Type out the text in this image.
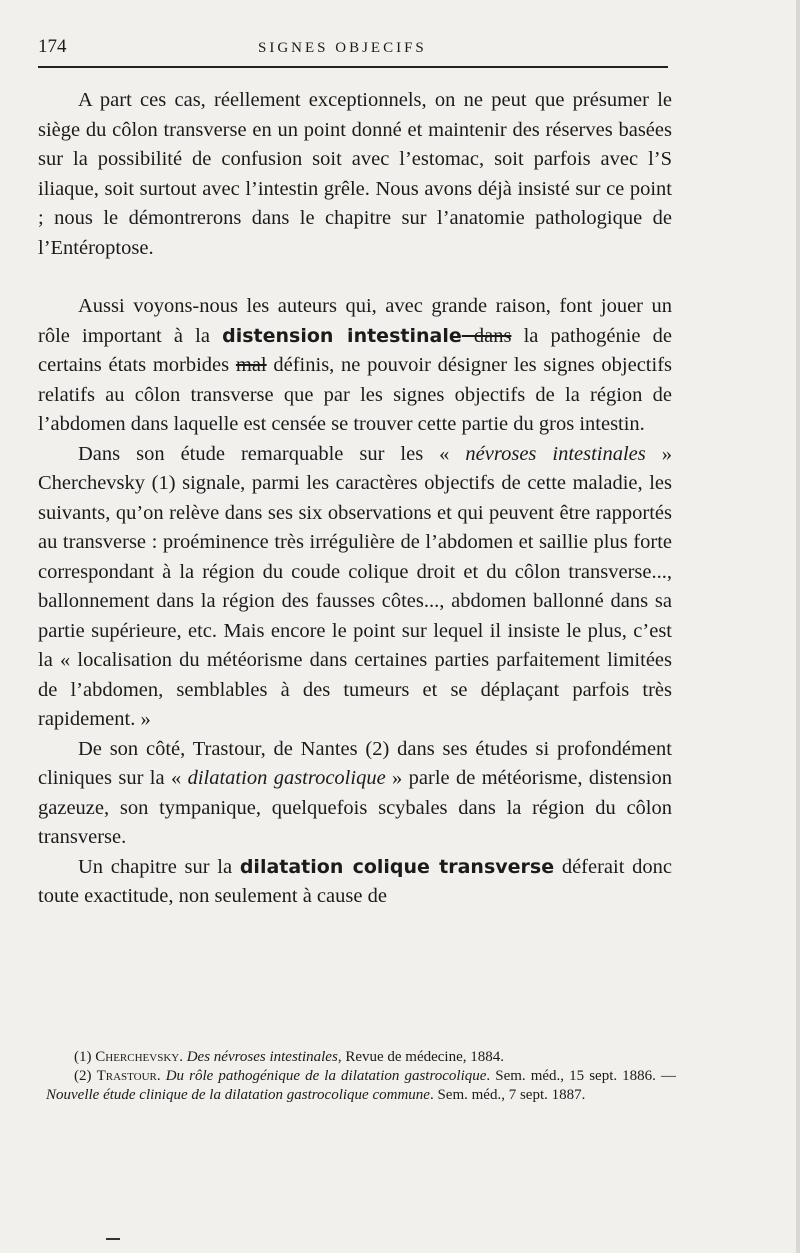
174	SIGNES OBJECIFS

A part ces cas, réellement exceptionnels, on ne peut que présumer le siège du côlon transverse en un point donné et maintenir des réserves basées sur la possibilité de confusion soit avec l’estomac, soit parfois avec l’S iliaque, soit surtout avec l’intestin grêle. Nous avons déjà insisté sur ce point ; nous le démontrerons dans le chapitre sur l’anatomie pathologique de l’Entéroptose.

Aussi voyons-nous les auteurs qui, avec grande raison, font jouer un rôle important à la distension intestinale dans la pathogénie de certains états morbides mal définis, ne pouvoir désigner les signes objectifs relatifs au côlon transverse que par les signes objectifs de la région de l’abdomen dans laquelle est censée se trouver cette partie du gros intestin.

Dans son étude remarquable sur les « névroses intestinales » Cherchevsky (1) signale, parmi les caractères objectifs de cette maladie, les suivants, qu’on relève dans ses six observations et qui peuvent être rapportés au transverse : proéminence très irrégulière de l’abdomen et saillie plus forte correspondant à la région du coude colique droit et du côlon transverse..., ballonnement dans la région des fausses côtes..., abdomen ballonné dans sa partie supérieure, etc. Mais encore le point sur lequel il insiste le plus, c’est la « localisation du météorisme dans certaines parties parfaitement limitées de l’abdomen, semblables à des tumeurs et se déplaçant parfois très rapidement. »

De son côté, Trastour, de Nantes (2) dans ses études si profondément cliniques sur la « dilatation gastrocolique » parle de météorisme, distension gazeuze, son tympanique, quelquefois scybales dans la région du côlon transverse.

Un chapitre sur la dilatation colique transverse déferait donc toute exactitude, non seulement à cause de

(1) Cherchevsky. Des névroses intestinales, Revue de médecine, 1884.

(2) Trastour. Du rôle pathogénique de la dilatation gastrocolique. Sem. méd., 15 sept. 1886. — Nouvelle étude clinique de la dilatation gastrocolique commune. Sem. méd., 7 sept. 1887.
